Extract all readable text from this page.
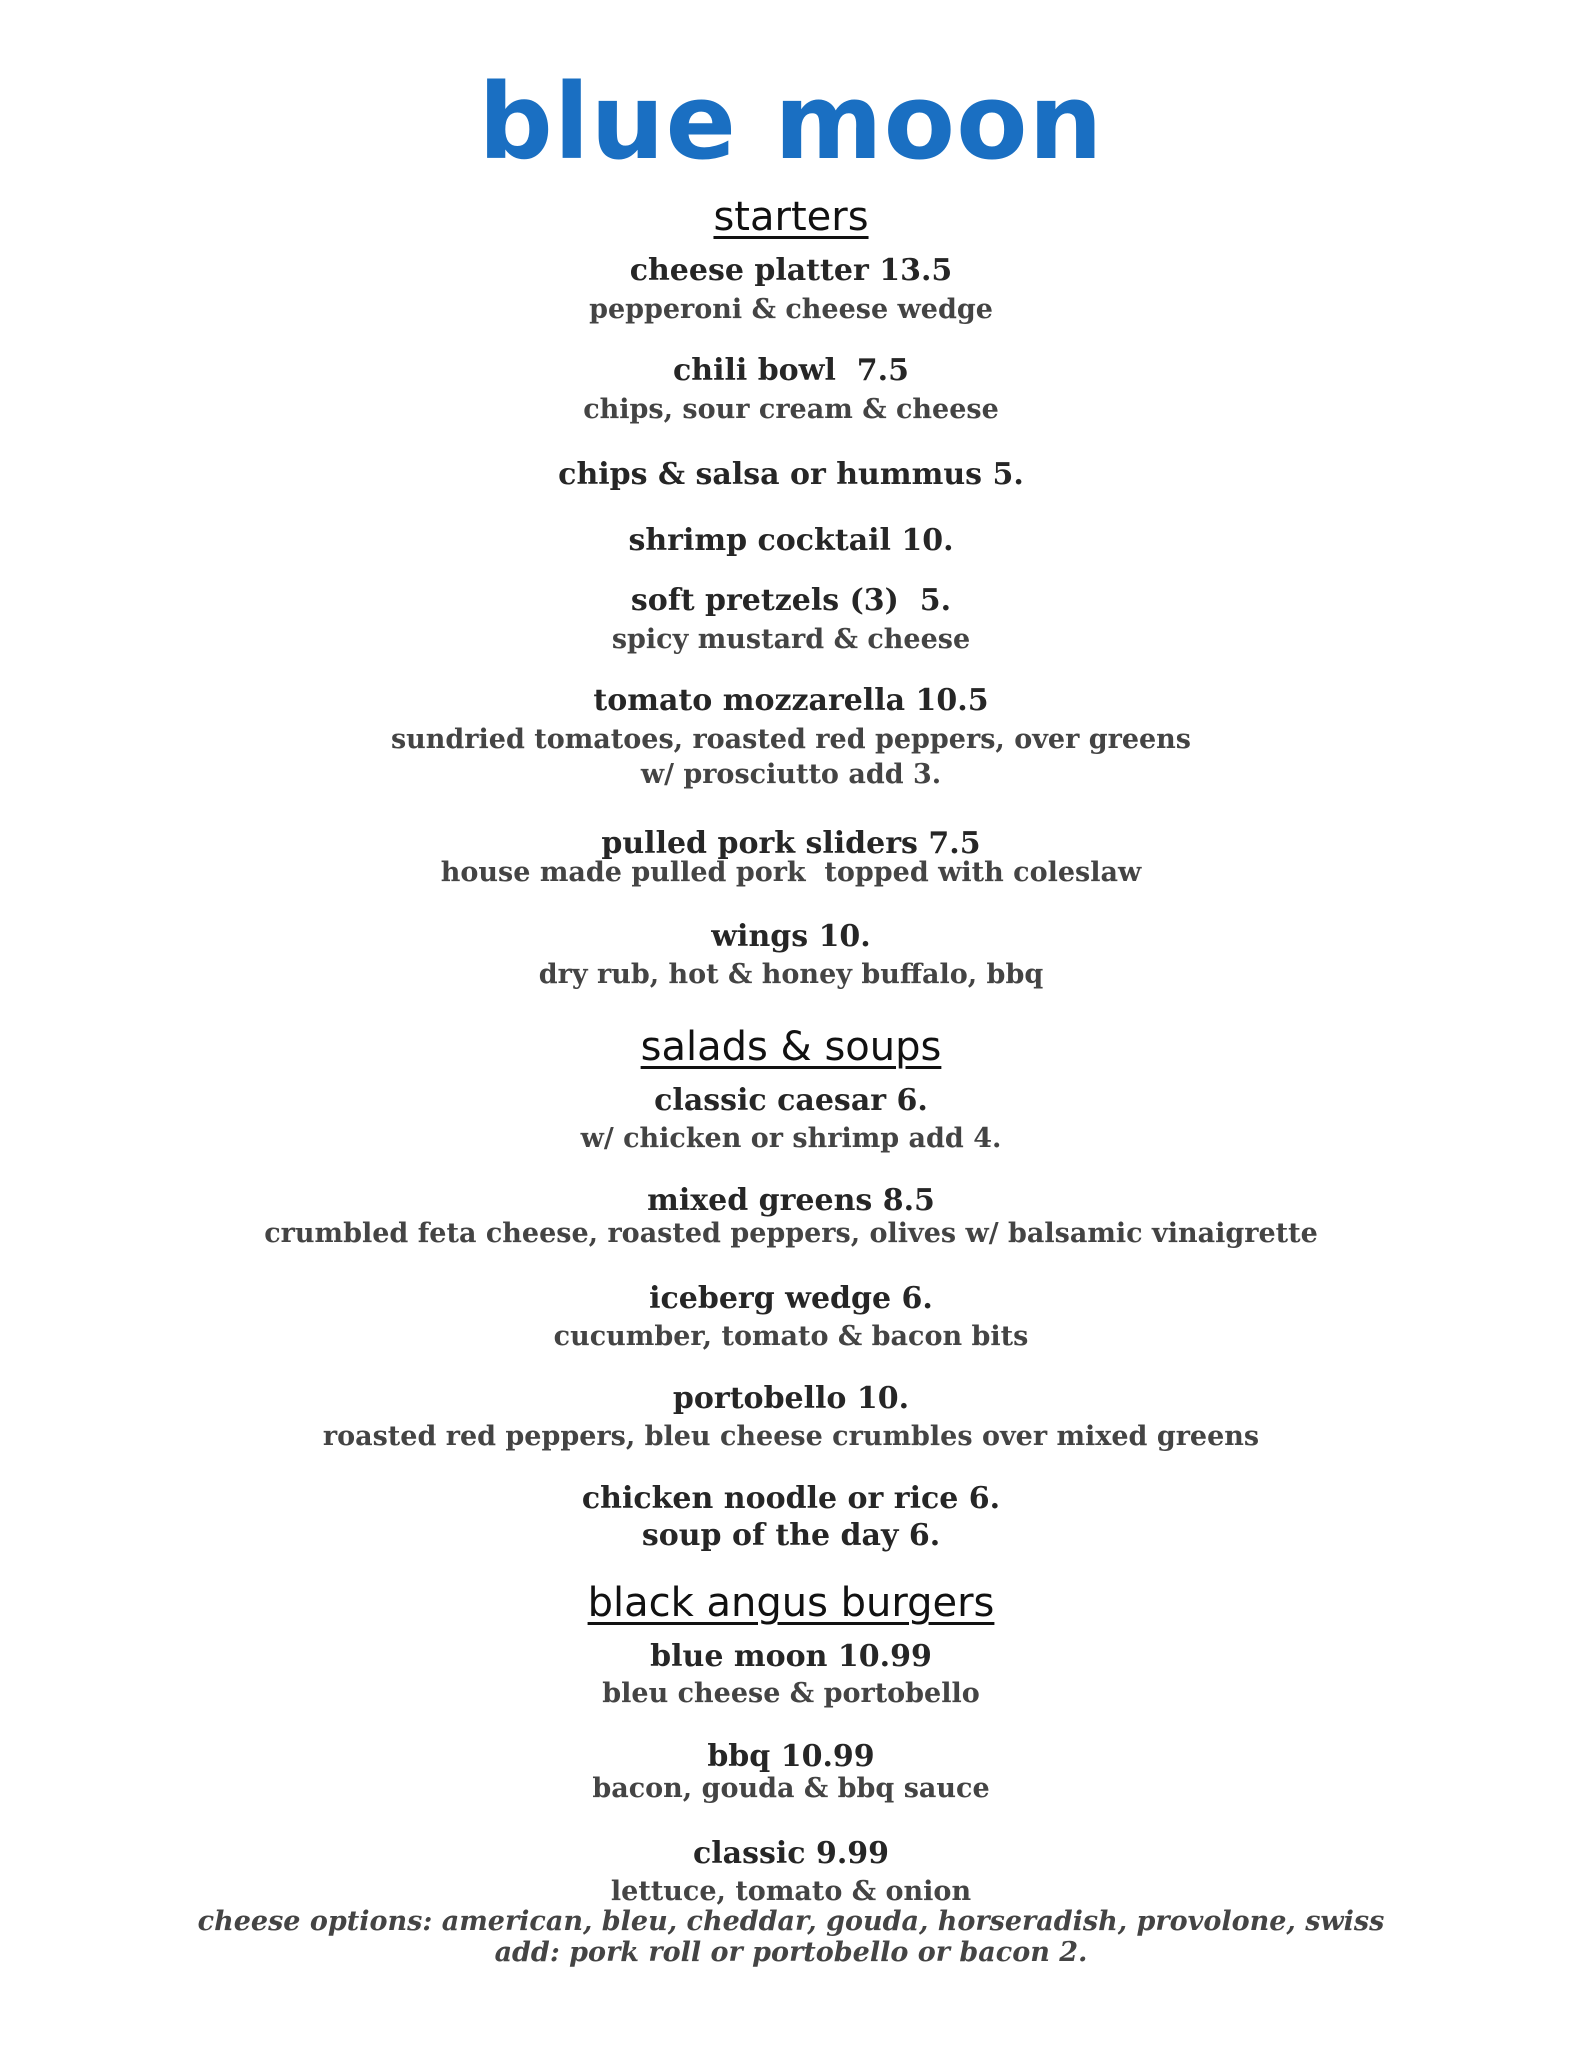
blue moon
starters
cheese platter 13.5
pepperoni & cheese wedge
chili bowl  7.5
chips, sour cream & cheese
chips & salsa or hummus 5.
shrimp cocktail 10.
soft pretzels (3)  5.
spicy mustard & cheese
tomato mozzarella 10.5
sundried tomatoes, roasted red peppers, over greens
w/ prosciutto add 3.
pulled pork sliders 7.5
house made pulled pork  topped with coleslaw
wings 10.
dry rub, hot & honey buffalo, bbq
salads & soups
classic caesar 6.
w/ chicken or shrimp add 4.
mixed greens 8.5
crumbled feta cheese, roasted peppers, olives w/ balsamic vinaigrette
iceberg wedge 6.
cucumber, tomato & bacon bits
portobello 10.
roasted red peppers, bleu cheese crumbles over mixed greens
chicken noodle or rice 6.
soup of the day 6.
black angus burgers
blue moon 10.99
bleu cheese & portobello
bbq 10.99
bacon, gouda & bbq sauce
classic 9.99
lettuce, tomato & onion
cheese options: american, bleu, cheddar, gouda, horseradish, provolone, swiss
add: pork roll or portobello or bacon 2.
